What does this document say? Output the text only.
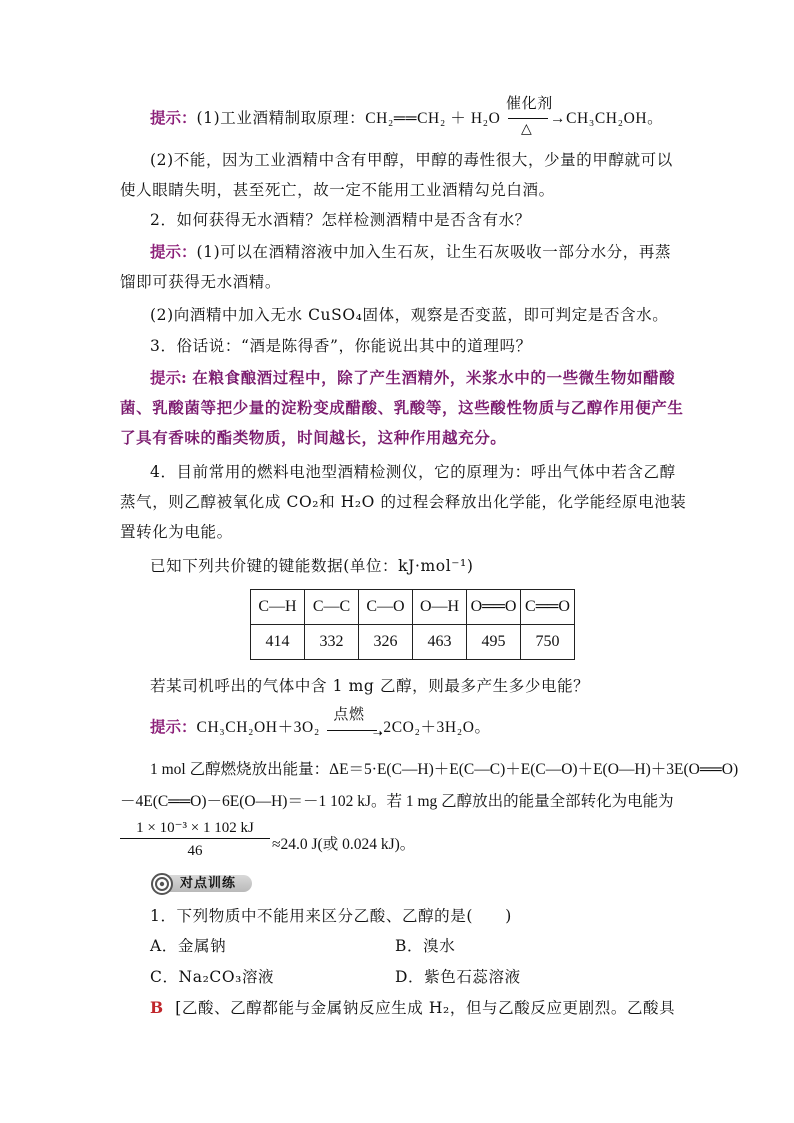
提示：(1)工业酒精制取原理：CH₂══CH₂ ＋ H₂O
催化剂
△
→CH₃CH₂OH。
(2)不能，因为工业酒精中含有甲醇，甲醇的毒性很大，少量的甲醇就可以
使人眼睛失明，甚至死亡，故一定不能用工业酒精勾兑白酒。
2．如何获得无水酒精？怎样检测酒精中是否含有水？
提示：(1)可以在酒精溶液中加入生石灰，让生石灰吸收一部分水分，再蒸
馏即可获得无水酒精。
(2)向酒精中加入无水 CuSO₄固体，观察是否变蓝，即可判定是否含水。
3．俗话说：“酒是陈得香”，你能说出其中的道理吗？
提示: 在粮食酿酒过程中，除了产生酒精外，米浆水中的一些微生物如醋酸
菌、乳酸菌等把少量的淀粉变成醋酸、乳酸等，这些酸性物质与乙醇作用便产生
了具有香味的酯类物质，时间越长，这种作用越充分。
4．目前常用的燃料电池型酒精检测仪，它的原理为：呼出气体中若含乙醇
蒸气，则乙醇被氧化成 CO₂和 H₂O 的过程会释放出化学能，化学能经原电池装
置转化为电能。
已知下列共价键的键能数据(单位：kJ·mol⁻¹)
C—H	C—C	C—O	O—H	O══O	C══O
414	332	326	463	495	750
若某司机呼出的气体中含 1 mg 乙醇，则最多产生多少电能？
提示：CH₃CH₂OH＋3O₂
点燃
➝ 2CO₂＋3H₂O。
1 mol 乙醇燃烧放出能量：ΔE＝5·E(C—H)＋E(C—C)＋E(C—O)＋E(O—H)＋3E(O══O)
－4E(C══O)－6E(O—H)＝－1 102 kJ。若 1 mg 乙醇放出的能量全部转化为电能为
1 × 10⁻³ × 1 102 kJ
46	≈24.0 J(或 0.024 kJ)。
对点训练
1．下列物质中不能用来区分乙酸、乙醇的是(　　)
A．金属钠	B．溴水
C．Na₂CO₃溶液	D．紫色石蕊溶液
B [乙酸、乙醇都能与金属钠反应生成 H₂，但与乙酸反应更剧烈。乙酸具
